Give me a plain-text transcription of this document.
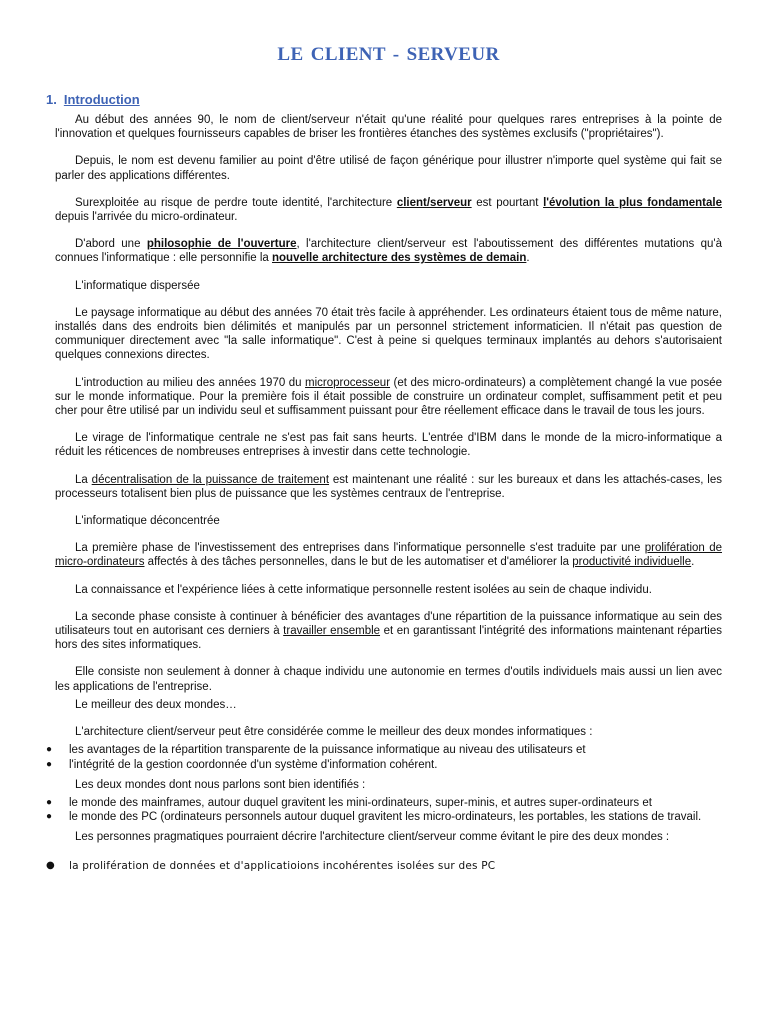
LE CLIENT - SERVEUR
1. Introduction

Au début des années 90, le nom de client/serveur n'était qu'une réalité pour quelques rares entreprises à la pointe de l'innovation et quelques fournisseurs capables de briser les frontières étanches des systèmes exclusifs ("propriétaires").

Depuis, le nom est devenu familier au point d'être utilisé de façon générique pour illustrer n'importe quel système qui fait se parler des applications différentes.

Surexploitée au risque de perdre toute identité, l'architecture client/serveur est pourtant l'évolution la plus fondamentale depuis l'arrivée du micro-ordinateur.

D'abord une philosophie de l'ouverture, l'architecture client/serveur est l'aboutissement des différentes mutations qu'à connues l'informatique : elle personnifie la nouvelle architecture des systèmes de demain.

L'informatique dispersée

Le paysage informatique au début des années 70 était très facile à appréhender. Les ordinateurs étaient tous de même nature, installés dans des endroits bien délimités et manipulés par un personnel strictement informaticien. Il n'était pas question de communiquer directement avec "la salle informatique". C'est à peine si quelques terminaux implantés au dehors s'autorisaient quelques connexions directes.

L'introduction au milieu des années 1970 du microprocesseur (et des micro-ordinateurs) a complètement changé la vue posée sur le monde informatique. Pour la première fois il était possible de construire un ordinateur complet, suffisamment petit et peu cher pour être utilisé par un individu seul et suffisamment puissant pour être réellement efficace dans le travail de tous les jours.

Le virage de l'informatique centrale ne s'est pas fait sans heurts. L'entrée d'IBM dans le monde de la micro-informatique a réduit les réticences de nombreuses entreprises à investir dans cette technologie.

La décentralisation de la puissance de traitement est maintenant une réalité : sur les bureaux et dans les attachés-cases, les processeurs totalisent bien plus de puissance que les systèmes centraux de l'entreprise.

L'informatique déconcentrée

La première phase de l'investissement des entreprises dans l'informatique personnelle s'est traduite par une prolifération de micro-ordinateurs affectés à des tâches personnelles, dans le but de les automatiser et d'améliorer la productivité individuelle.

La connaissance et l'expérience liées à cette informatique personnelle restent isolées au sein de chaque individu.

La seconde phase consiste à continuer à bénéficier des avantages d'une répartition de la puissance informatique au sein des utilisateurs tout en autorisant ces derniers à travailler ensemble et en garantissant l'intégrité des informations maintenant réparties hors des sites informatiques.

Elle consiste non seulement à donner à chaque individu une autonomie en termes d'outils individuels mais aussi un lien avec les applications de l'entreprise.

Le meilleur des deux mondes…

L'architecture client/serveur peut être considérée comme le meilleur des deux mondes informatiques :

● les avantages de la répartition transparente de la puissance informatique au niveau des utilisateurs et
● l'intégrité de la gestion coordonnée d'un système d'information cohérent.

Les deux mondes dont nous parlons sont bien identifiés :

● le monde des mainframes, autour duquel gravitent les mini-ordinateurs, super-minis, et autres super-ordinateurs et
● le monde des PC (ordinateurs personnels autour duquel gravitent les micro-ordinateurs, les portables, les stations de travail.

Les personnes pragmatiques pourraient décrire l'architecture client/serveur comme évitant le pire des deux mondes :

● la prolifération de données et d'applicatioions incohérentes isolées sur des PC
